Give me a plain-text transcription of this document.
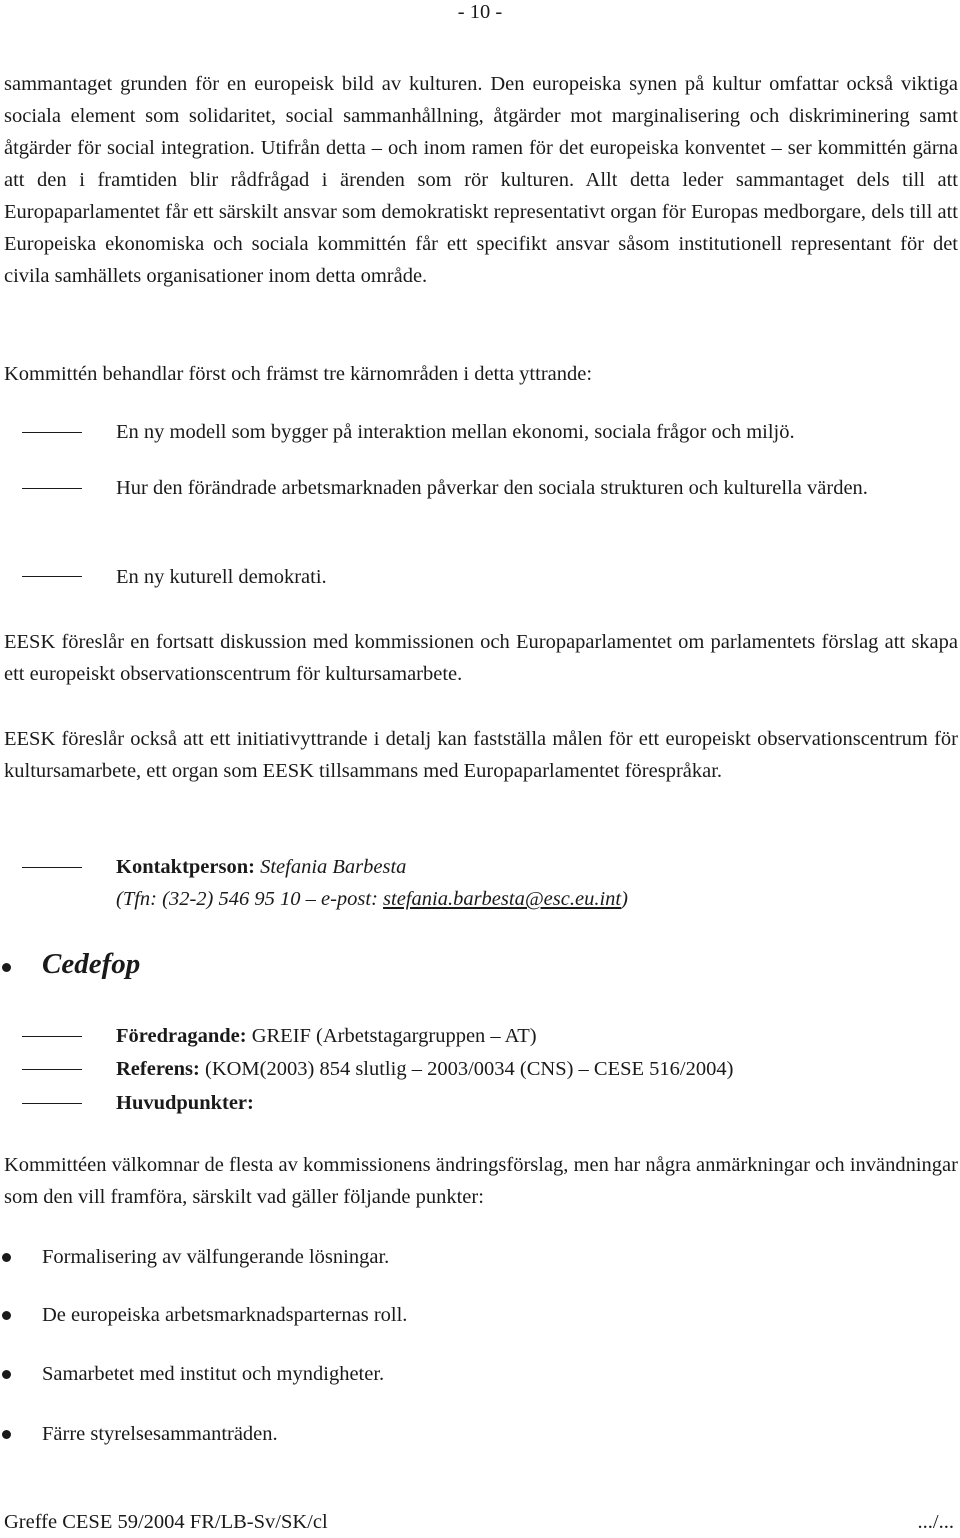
- 10 -
sammantaget grunden för en europeisk bild av kulturen. Den europeiska synen på kultur omfattar också viktiga sociala element som solidaritet, social sammanhållning, åtgärder mot marginalisering och diskriminering samt åtgärder för social integration. Utifrån detta – och inom ramen för det europeiska konventet – ser kommittén gärna att den i framtiden blir rådfrågad i ärenden som rör kulturen. Allt detta leder sammantaget dels till att Europaparlamentet får ett särskilt ansvar som demokratiskt representativt organ för Europas medborgare, dels till att Europeiska ekonomiska och sociala kommittén får ett specifikt ansvar såsom institutionell representant för det civila samhällets organisationer inom detta område.
Kommittén behandlar först och främst tre kärnområden i detta yttrande:
En ny modell som bygger på interaktion mellan ekonomi, sociala frågor och miljö.
Hur den förändrade arbetsmarknaden påverkar den sociala strukturen och kulturella värden.
En ny kuturell demokrati.
EESK föreslår en fortsatt diskussion med kommissionen och Europaparlamentet om parlamentets förslag att skapa ett europeiskt observationscentrum för kultursamarbete.
EESK föreslår också att ett initiativyttrande i detalj kan fastställa målen för ett europeiskt observationscentrum för kultursamarbete, ett organ som EESK tillsammans med Europaparlamentet förespråkar.
Kontaktperson: Stefania Barbesta
(Tfn: (32-2) 546 95 10 – e-post: stefania.barbesta@esc.eu.int)
Cedefop
Föredragande: GREIF (Arbetstagargruppen – AT)
Referens: (KOM(2003) 854 slutlig – 2003/0034 (CNS) – CESE 516/2004)
Huvudpunkter:
Kommittéen välkomnar de flesta av kommissionens ändringsförslag, men har några anmärkningar och invändningar som den vill framföra, särskilt vad gäller följande punkter:
Formalisering av välfungerande lösningar.
De europeiska arbetsmarknadsparternas roll.
Samarbetet med institut och myndigheter.
Färre styrelsesammanträden.
Greffe CESE 59/2004 FR/LB-Sv/SK/cl	.../...
